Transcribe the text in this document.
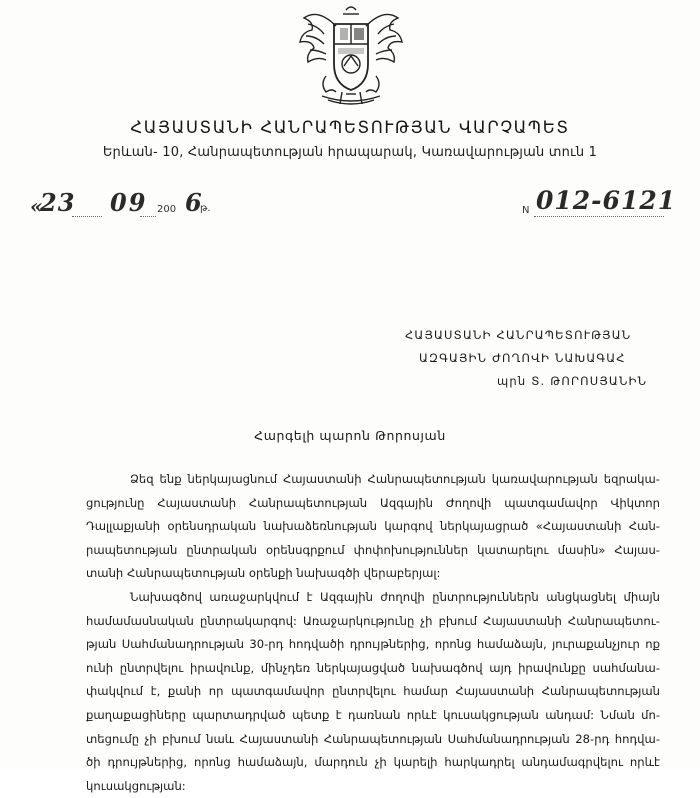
ՀԱՅԱՍՏԱՆԻ ՀԱՆՐԱՊԵՏՈՒԹՅԱՆ ՎԱՐՉԱՊԵՏ
Երևան- 10, Հանրապետության հրապարակ, Կառավարության տուն 1
«
23 09 200 6
թ.	N 012-6121
ՀԱՅԱՍՏԱՆԻ ՀԱՆՐԱՊԵՏՈՒԹՅԱՆ
ԱԶԳԱՅԻՆ ԺՈՂՈՎԻ ՆԱԽԱԳԱՀ
պրն Տ. ԹՈՐՈՍՅԱՆԻՆ
Հարգելի պարոն Թորոսյան
Ձեզ ենք ներկայացնում Հայաստանի Հանրապետության կառավարության եզրակա-
ցությունը Հայաստանի Հանրապետության Ազգային Ժողովի պատգամավոր Վիկտոր
Դալլաքյանի օրենսդրական նախաձեռնության կարգով ներկայացրած «Հայաստանի Հան-
րապետության ընտրական օրենսգրքում փոփոխություններ կատարելու մասին» Հայաս-
տանի Հանրապետության օրենքի նախագծի վերաբերյալ:
Նախագծով առաջարկվում է Ազգային ժողովի ընտրություններն անցկացնել միայն
համամասնական ընտրակարգով: Առաջարկությունը չի բխում Հայաստանի Հանրապետու-
թյան Սահմանադրության 30-րդ հոդվածի դրույթներից, որոնց համաձայն, յուրաքանչյուր ոք
ունի ընտրվելու իրավունք, մինչդեռ ներկայացված նախագծով այդ իրավունքը սահմանա-
փակվում է, քանի որ պատգամավոր ընտրվելու համար Հայաստանի Հանրապետության
քաղաքացիները պարտադրված պետք է դառնան որևէ կուսակցության անդամ: Նման մո-
տեցումը չի բխում նաև Հայաստանի Հանրապետության Սահմանադրության 28-րդ հոդվա-
ծի դրույթներից, որոնց համաձայն, մարդուն չի կարելի հարկադրել անդամագրվելու որևէ
կուսակցության:
